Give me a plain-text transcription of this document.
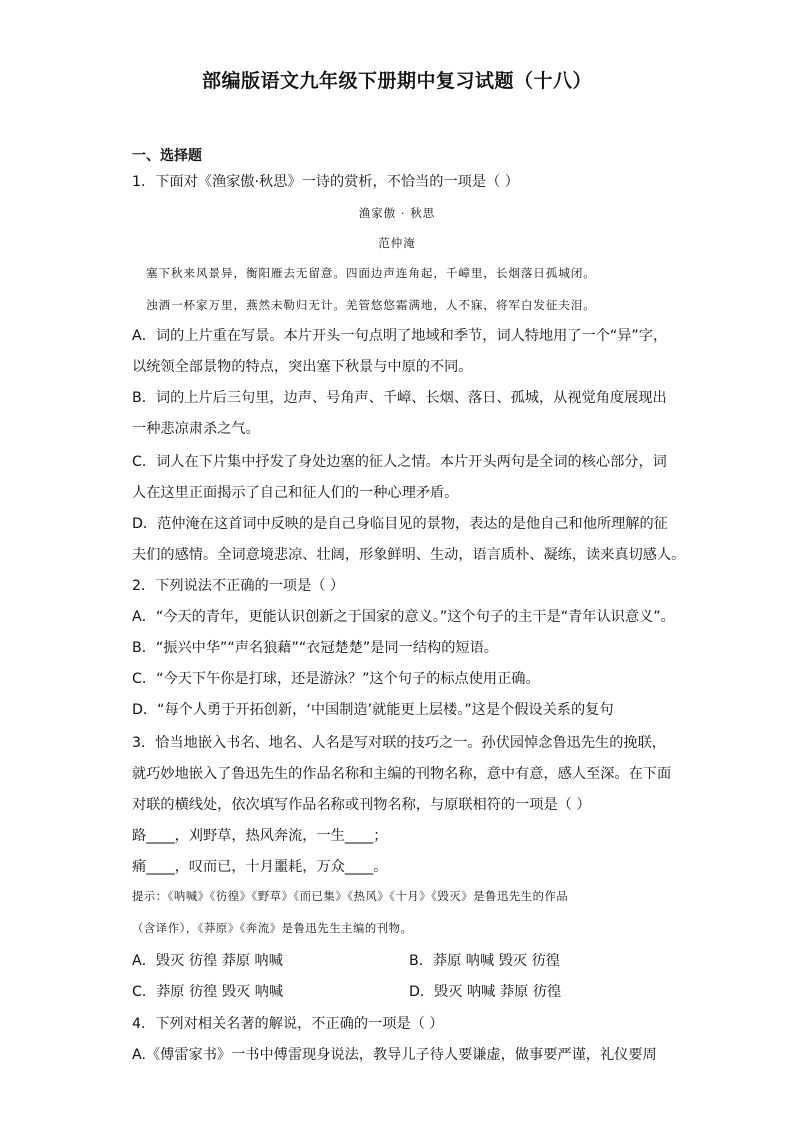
部编版语文九年级下册期中复习试题（十八）
一、选择题
1．下面对《渔家傲·秋思》一诗的赏析，不恰当的一项是（ ）
渔家傲 · 秋思
范仲淹
塞下秋来风景异，衡阳雁去无留意。四面边声连角起，千嶂里，长烟落日孤城闭。
浊酒一杯家万里，燕然未勒归无计。羌管悠悠霜满地，人不寐，将军白发征夫泪。
A．词的上片重在写景。本片开头一句点明了地域和季节，词人特地用了一个“异”字，
以统领全部景物的特点，突出塞下秋景与中原的不同。
B．词的上片后三句里，边声、号角声、千嶂、长烟、落日、孤城，从视觉角度展现出
一种悲凉肃杀之气。
C．词人在下片集中抒发了身处边塞的征人之情。本片开头两句是全词的核心部分，词
人在这里正面揭示了自己和征人们的一种心理矛盾。
D．范仲淹在这首词中反映的是自己身临目见的景物，表达的是他自己和他所理解的征
夫们的感情。全词意境悲凉、壮阔，形象鲜明、生动，语言质朴、凝练，读来真切感人。
2．下列说法不正确的一项是（ ）
A．“今天的青年，更能认识创新之于国家的意义。”这个句子的主干是“青年认识意义”。
B．“振兴中华”“声名狼藉”“衣冠楚楚”是同一结构的短语。
C．“今天下午你是打球，还是游泳？”这个句子的标点使用正确。
D．“每个人勇于开拓创新，‘中国制造’就能更上层楼。”这是个假设关系的复句
3．恰当地嵌入书名、地名、人名是写对联的技巧之一。孙伏园悼念鲁迅先生的挽联，
就巧妙地嵌入了鲁迅先生的作品名称和主编的刊物名称，意中有意，感人至深。在下面
对联的横线处，依次填写作品名称或刊物名称，与原联相符的一项是（ ）
路____，刈野草，热风奔流，一生____；
痛____，叹而已，十月噩耗，万众____。
提示：《呐喊》《彷徨》《野草》《而已集》《热风》《十月》《毁灭》是鲁迅先生的作品
（含译作），《莽原》《奔流》是鲁迅先生主编的刊物。
A．毁灭 彷徨 莽原 呐喊	B．莽原 呐喊 毁灭 彷徨
C．莽原 彷徨 毁灭 呐喊	D．毁灭 呐喊 莽原 彷徨
4．下列对相关名著的解说，不正确的一项是（ ）
A.《傅雷家书》一书中傅雷现身说法，教导儿子待人要谦虚，做事要严谨，礼仪要周
